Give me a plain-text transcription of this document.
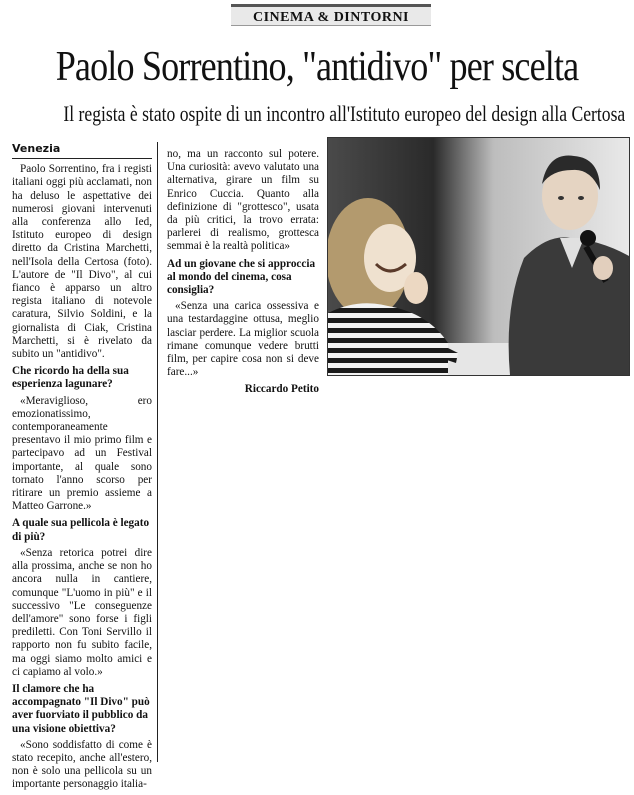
CINEMA & DINTORNI
Paolo Sorrentino, "antidivo" per scelta
Il regista è stato ospite di un incontro all'Istituto europeo del design alla Certosa
Venezia

Paolo Sorrentino, fra i registi italiani oggi più acclamati, non ha deluso le aspettative dei numerosi giovani intervenuti alla conferenza allo Ied, Istituto europeo di design diretto da Cristina Marchetti, nell'Isola della Certosa (foto). L'autore de "Il Divo", al cui fianco è apparso un altro regista italiano di notevole caratura, Silvio Soldini, e la giornalista di Ciak, Cristina Marchetti, si è rivelato da subito un "antidivo".

Che ricordo ha della sua esperienza lagunare?

«Meraviglioso, ero emozionatissimo, contemporaneamente presentavo il mio primo film e partecipavo ad un Festival importante, al quale sono tornato l'anno scorso per ritirare un premio assieme a Matteo Garrone.»

A quale sua pellicola è legato di più?

«Senza retorica potrei dire alla prossima, anche se non ho ancora nulla in cantiere, comunque "L'uomo in più" e il successivo "Le conseguenze dell'amore" sono forse i figli prediletti. Con Toni Servillo il rapporto non fu subito facile, ma oggi siamo molto amici e ci capiamo al volo.»

Il clamore che ha accompagnato "Il Divo" può aver fuorviato il pubblico da una visione obiettiva?

«Sono soddisfatto di come è stato recepito, anche all'estero, non è solo una pellicola su un importante personaggio italia-

no, ma un racconto sul potere. Una curiosità: avevo valutato una alternativa, girare un film su Enrico Cuccia. Quanto alla definizione di "grottesco", usata da più critici, la trovo errata: parlerei di realismo, grottesca semmai è la realtà politica»

Ad un giovane che si approccia al mondo del cinema, cosa consiglia?

«Senza una carica ossessiva e una testardaggine ottusa, meglio lasciar perdere. La miglior scuola rimane comunque vedere brutti film, per capire cosa non si deve fare...»

Riccardo Petito
